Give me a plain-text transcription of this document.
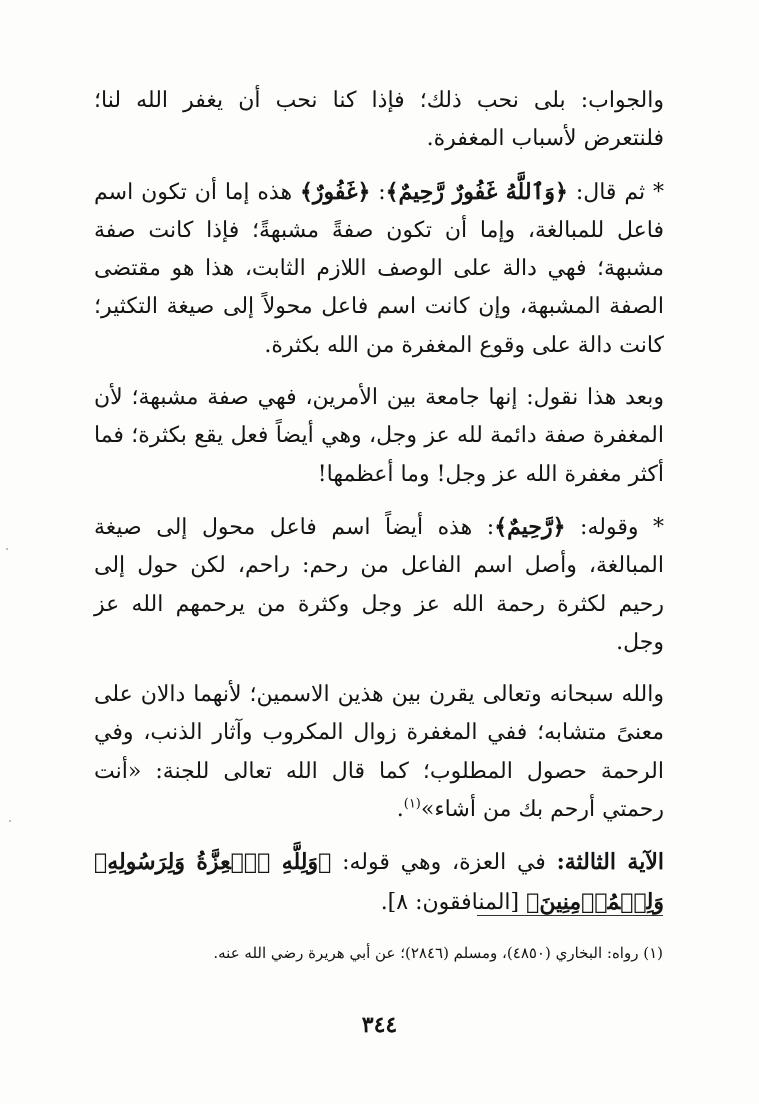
والجواب: بلى نحب ذلك؛ فإذا كنا نحب أن يغفر الله لنا؛ فلنتعرض لأسباب المغفرة.

* ثم قال: ﴿وَٱللَّهُ غَفُورٌ رَّحِيمٌ﴾: ﴿غَفُورٌ﴾ هذه إما أن تكون اسم فاعل للمبالغة، وإما أن تكون صفةً مشبهةً؛ فإذا كانت صفة مشبهة؛ فهي دالة على الوصف اللازم الثابت، هذا هو مقتضى الصفة المشبهة، وإن كانت اسم فاعل محولاً إلى صيغة التكثير؛ كانت دالة على وقوع المغفرة من الله بكثرة.

وبعد هذا نقول: إنها جامعة بين الأمرين، فهي صفة مشبهة؛ لأن المغفرة صفة دائمة لله عز وجل، وهي أيضاً فعل يقع بكثرة؛ فما أكثر مغفرة الله عز وجل! وما أعظمها!

* وقوله: ﴿رَّحِيمٌ﴾: هذه أيضاً اسم فاعل محول إلى صيغة المبالغة، وأصل اسم الفاعل من رحم: راحم، لكن حول إلى رحيم لكثرة رحمة الله عز وجل وكثرة من يرحمهم الله عز وجل.

والله سبحانه وتعالى يقرن بين هذين الاسمين؛ لأنهما دالان على معنىً متشابه؛ ففي المغفرة زوال المكروب وآثار الذنب، وفي الرحمة حصول المطلوب؛ كما قال الله تعالى للجنة: «أنت رحمتي أرحم بك من أشاء»$^{(١)}$.

الآية الثالثة: في العزة، وهي قوله: ﴿وَلِلَّهِ ٱلۡعِزَّةُ وَلِرَسُولِهِۦ وَلِلۡمُؤۡمِنِينَ﴾ [المنافقون: ٨].

(١) رواه: البخاري (٤٨٥٠)، ومسلم (٢٨٤٦)؛ عن أبي هريرة رضي الله عنه.
٣٤٤
